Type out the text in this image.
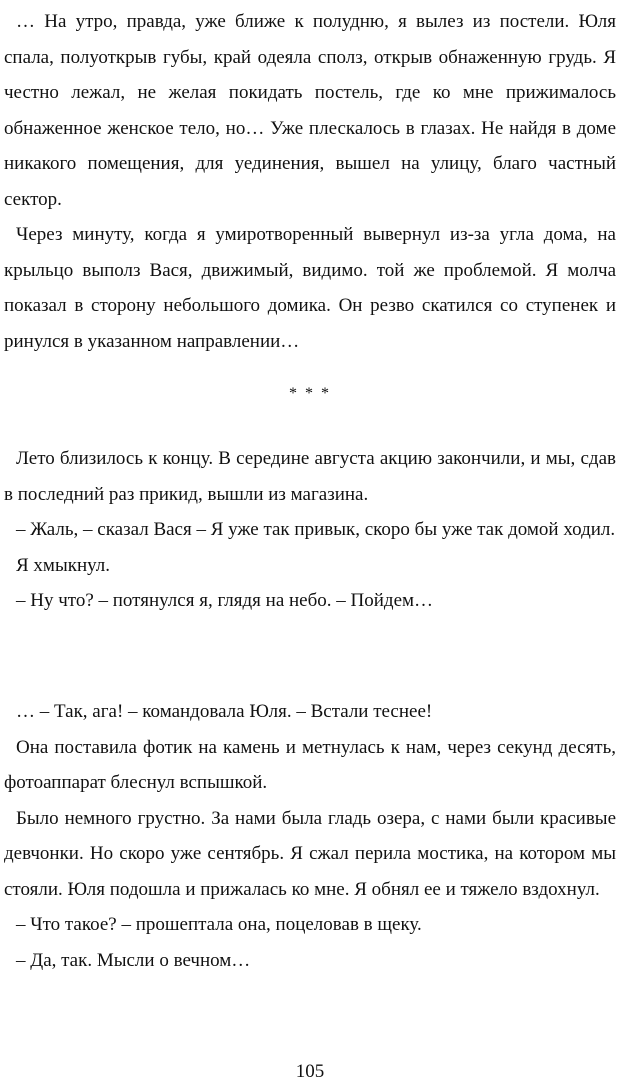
… На утро, правда, уже ближе к полудню, я вылез из постели. Юля спала, полуоткрыв губы, край одеяла сполз, открыв обнаженную грудь. Я честно лежал, не желая покидать постель, где ко мне прижималось обнаженное женское тело, но… Уже плескалось в глазах. Не найдя в доме никакого помещения, для уединения, вышел на улицу, благо частный сектор.

Через минуту, когда я умиротворенный вывернул из-за угла дома, на крыльцо выполз Вася, движимый, видимо. той же проблемой. Я молча показал в сторону небольшого домика. Он резво скатился со ступенек и ринулся в указанном направлении…

* * *

Лето близилось к концу. В середине августа акцию закончили, и мы, сдав в последний раз прикид, вышли из магазина.

– Жаль, – сказал Вася – Я уже так привык, скоро бы уже так домой ходил.

Я хмыкнул.

– Ну что? – потянулся я, глядя на небо. – Пойдем…

… – Так, ага! – командовала Юля. – Встали теснее!

Она поставила фотик на камень и метнулась к нам, через секунд десять, фотоаппарат блеснул вспышкой.

Было немного грустно. За нами была гладь озера, с нами были красивые девчонки. Но скоро уже сентябрь. Я сжал перила мостика, на котором мы стояли. Юля подошла и прижалась ко мне. Я обнял ее и тяжело вздохнул.

– Что такое? – прошептала она, поцеловав в щеку.

– Да, так. Мысли о вечном…

105
